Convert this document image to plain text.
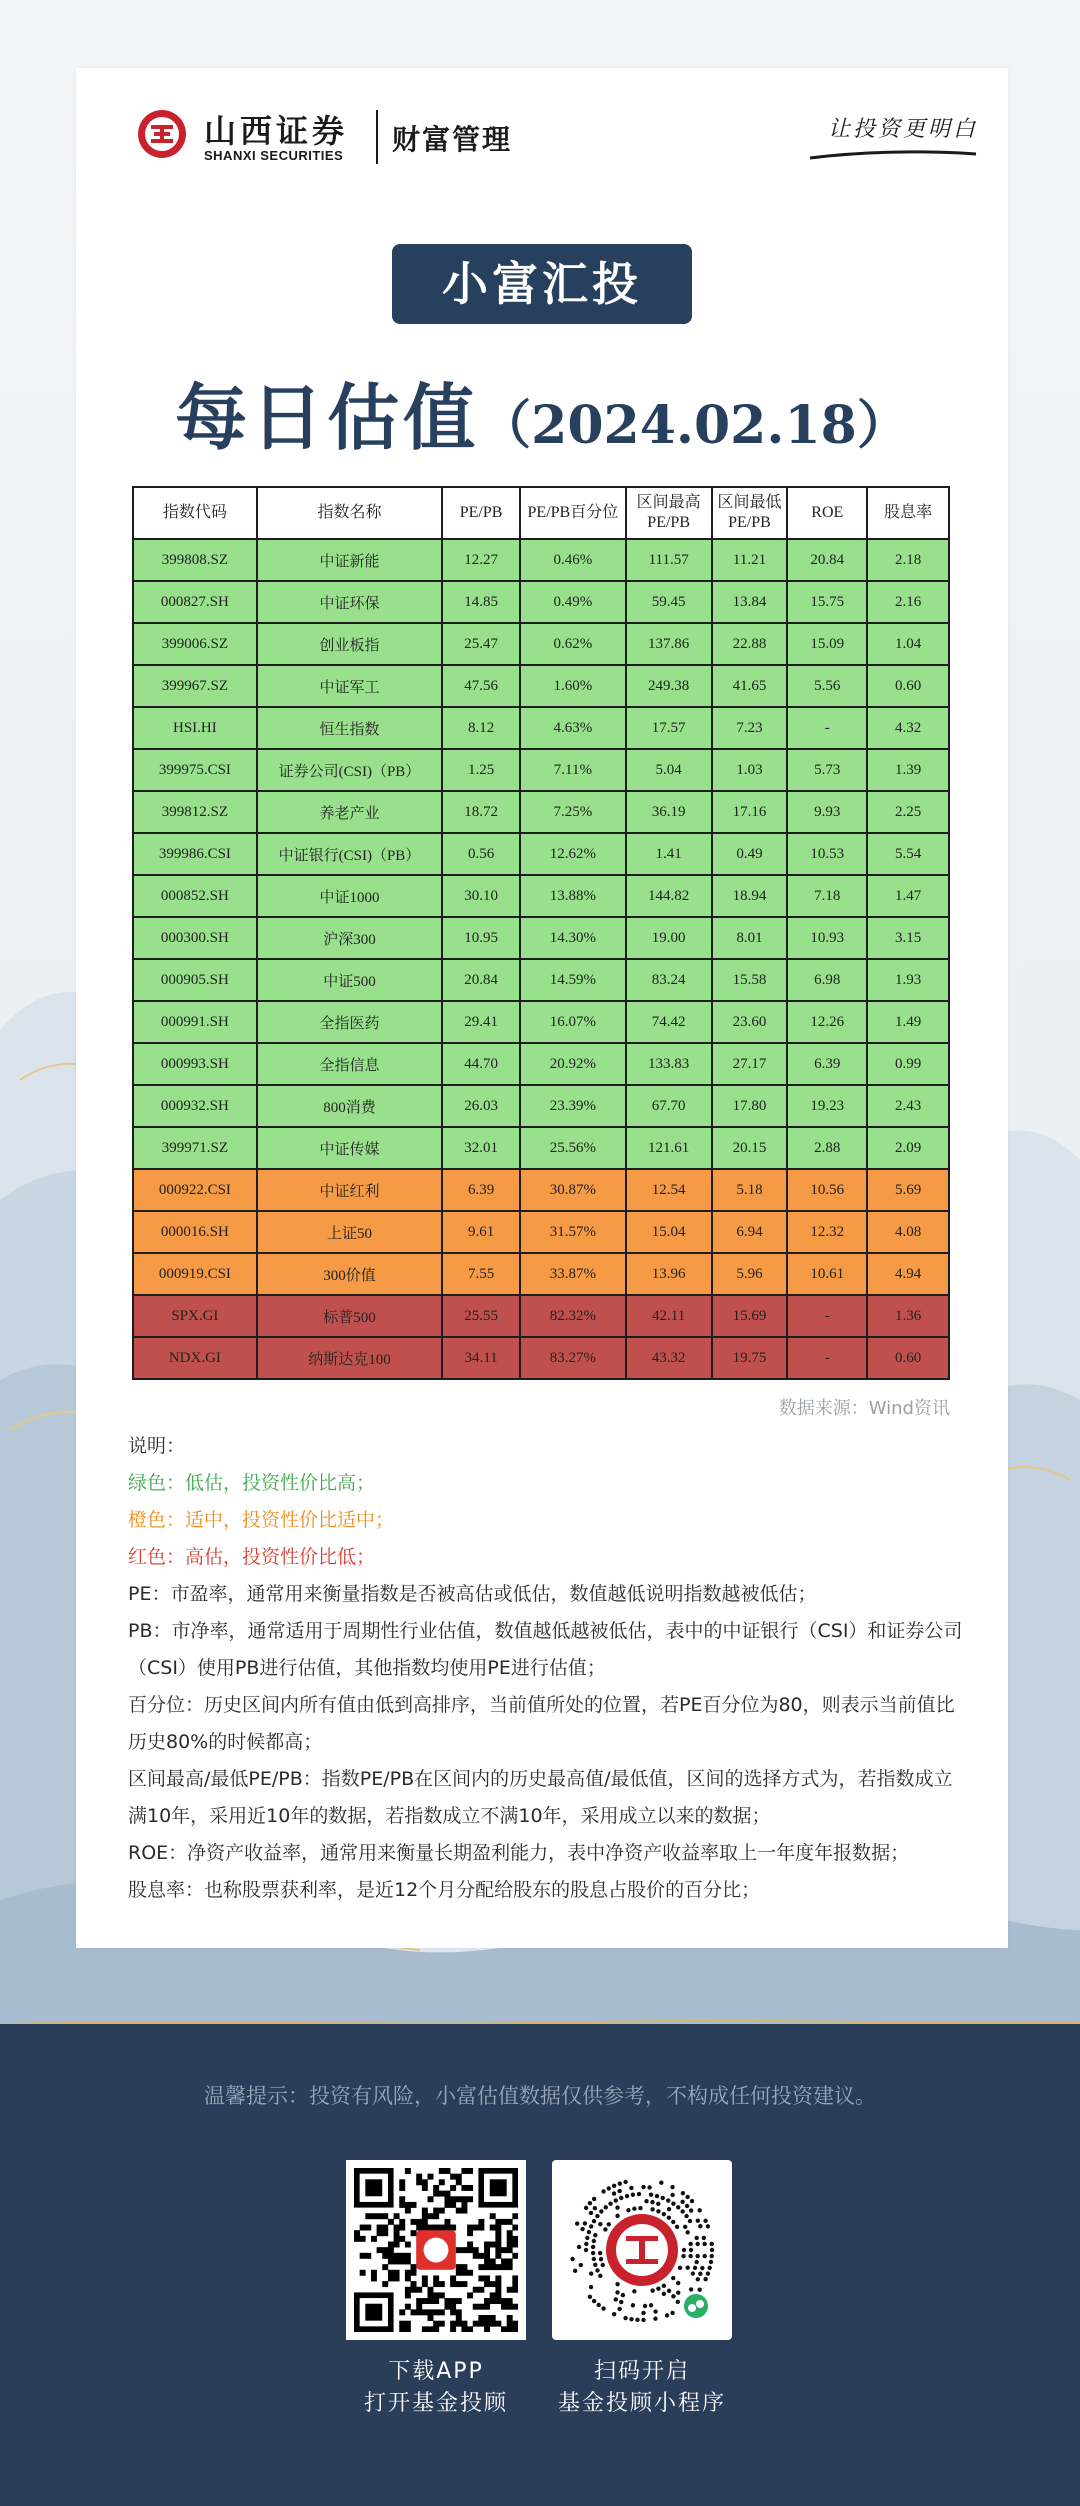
山西证券
SHANXI SECURITIES 财富管理	让投资更明白
小富汇投
每日估值（2024.02.18）
指数代码	指数名称	PE/PB	PE/PB百分位	区间最高PE/PB	区间最低PE/PB	ROE	股息率
399808.SZ	中证新能	12.27	0.46%	111.57	11.21	20.84	2.18
000827.SH	中证环保	14.85	0.49%	59.45	13.84	15.75	2.16
399006.SZ	创业板指	25.47	0.62%	137.86	22.88	15.09	1.04
399967.SZ	中证军工	47.56	1.60%	249.38	41.65	5.56	0.60
HSI.HI	恒生指数	8.12	4.63%	17.57	7.23	-	4.32
399975.CSI	证券公司(CSI)（PB）	1.25	7.11%	5.04	1.03	5.73	1.39
399812.SZ	养老产业	18.72	7.25%	36.19	17.16	9.93	2.25
399986.CSI	中证银行(CSI)（PB）	0.56	12.62%	1.41	0.49	10.53	5.54
000852.SH	中证1000	30.10	13.88%	144.82	18.94	7.18	1.47
000300.SH	沪深300	10.95	14.30%	19.00	8.01	10.93	3.15
000905.SH	中证500	20.84	14.59%	83.24	15.58	6.98	1.93
000991.SH	全指医药	29.41	16.07%	74.42	23.60	12.26	1.49
000993.SH	全指信息	44.70	20.92%	133.83	27.17	6.39	0.99
000932.SH	800消费	26.03	23.39%	67.70	17.80	19.23	2.43
399971.SZ	中证传媒	32.01	25.56%	121.61	20.15	2.88	2.09
000922.CSI	中证红利	6.39	30.87%	12.54	5.18	10.56	5.69
000016.SH	上证50	9.61	31.57%	15.04	6.94	12.32	4.08
000919.CSI	300价值	7.55	33.87%	13.96	5.96	10.61	4.94
SPX.GI	标普500	25.55	82.32%	42.11	15.69	-	1.36
NDX.GI	纳斯达克100	34.11	83.27%	43.32	19.75	-	0.60
数据来源：Wind资讯
说明：
绿色：低估，投资性价比高；
橙色：适中，投资性价比适中；
红色：高估，投资性价比低；
PE：市盈率，通常用来衡量指数是否被高估或低估，数值越低说明指数越被低估；
PB：市净率，通常适用于周期性行业估值，数值越低越被低估，表中的中证银行（CSI）和证券公司（CSI）使用PB进行估值，其他指数均使用PE进行估值；
百分位：历史区间内所有值由低到高排序，当前值所处的位置，若PE百分位为80，则表示当前值比历史80%的时候都高；
区间最高/最低PE/PB：指数PE/PB在区间内的历史最高值/最低值，区间的选择方式为，若指数成立满10年，采用近10年的数据，若指数成立不满10年，采用成立以来的数据；
ROE：净资产收益率，通常用来衡量长期盈利能力，表中净资产收益率取上一年度年报数据；
股息率：也称股票获利率，是近12个月分配给股东的股息占股价的百分比；
温馨提示：投资有风险，小富估值数据仅供参考，不构成任何投资建议。
下载APP
打开基金投顾
扫码开启
基金投顾小程序
